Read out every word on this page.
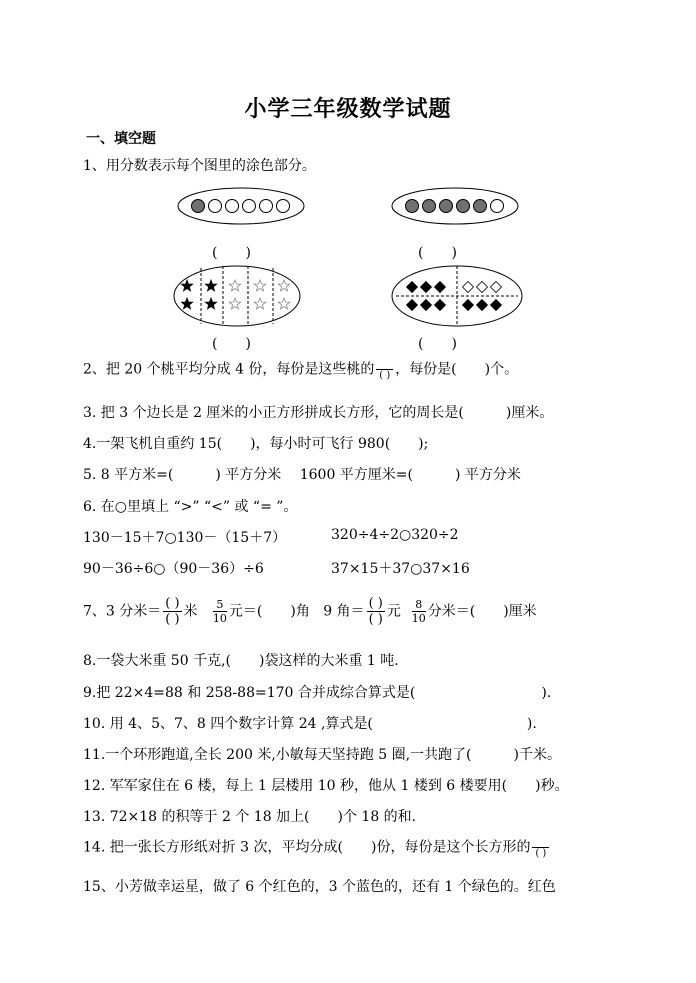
小学三年级数学试题
一、填空题
1、用分数表示每个图里的涂色部分。
(　　)	(　　)
(　　)	(　　)
2、把 20 个桃平均分成 4 份，每份是这些桃的
( ) ，每份是(　　)个。
3. 把 3 个边长是 2 厘米的小正方形拼成长方形，它的周长是(　　　)厘米。
4.一架飞机自重约 15(　　)，每小时可飞行 980(　　);
5. 8 平方米=(　　　) 平方分米　 1600 平方厘米=(　　　) 平方分米
6. 在○里填上 “>” “<” 或 “= ”。
130－15＋7○130－（15＋7）	320÷4÷2○320÷2
90－36÷6○（90－36）÷6	37×15＋37○37×16
7、3 分米＝ $\frac{( )}{( )}$ 米 $\frac{5}{10}$ 元＝(　　)角 9 角＝ $\frac{( )}{( )}$ 元 $\frac{8}{10}$ 分米＝(　　)厘米
8.一袋大米重 50 千克,(　　)袋这样的大米重 1 吨.
9.把 22×4=88 和 258-88=170 合并成综合算式是(　　　　　　　　　).
10. 用 4、5、7、8 四个数字计算 24 ,算式是(　　　　　　　　　　　).
11.一个环形跑道,全长 200 米,小敏每天坚持跑 5 圈,一共跑了(　　　)千米。
12. 军军家住在 6 楼，每上 1 层楼用 10 秒，他从 1 楼到 6 楼要用(　　)秒。
13. 72×18 的积等于 2 个 18 加上(　　)个 18 的和.
14. 把一张长方形纸对折 3 次，平均分成(　　)份，每份是这个长方形的
( )
15、小芳做幸运星，做了 6 个红色的，3 个蓝色的，还有 1 个绿色的。红色
